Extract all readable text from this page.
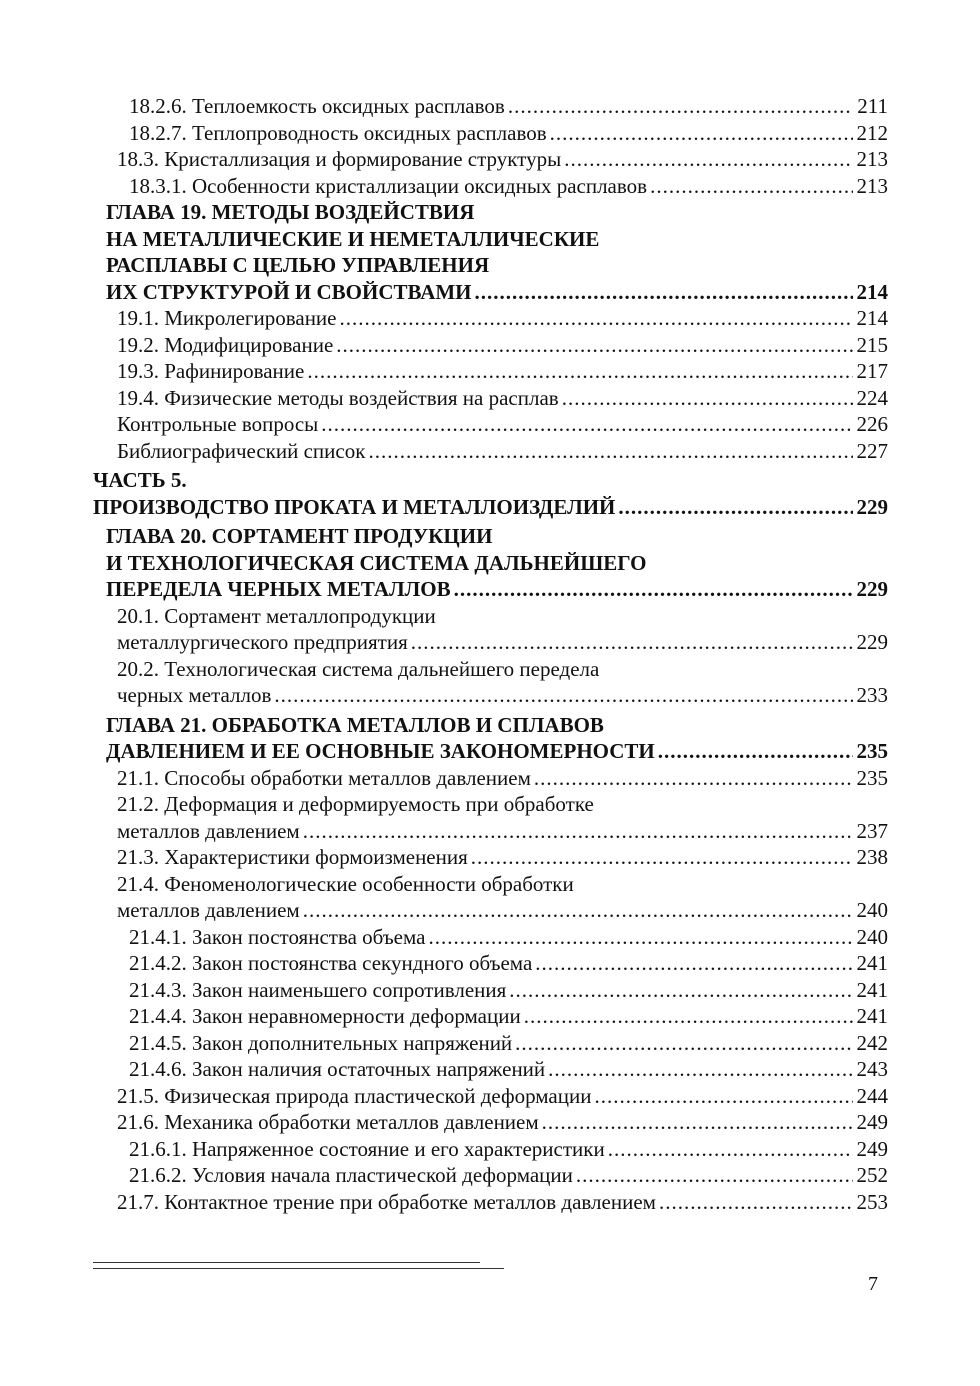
18.2.6. Теплоемкость оксидных расплавов .....	211
18.2.7. Теплопроводность оксидных расплавов .....	212
18.3. Кристаллизация и формирование структуры .....	213
18.3.1. Особенности кристаллизации оксидных расплавов .....	213
ГЛАВА 19. МЕТОДЫ ВОЗДЕЙСТВИЯ
НА МЕТАЛЛИЧЕСКИЕ И НЕМЕТАЛЛИЧЕСКИЕ
РАСПЛАВЫ С ЦЕЛЬЮ УПРАВЛЕНИЯ
ИХ СТРУКТУРОЙ И СВОЙСТВАМИ .....	214
19.1. Микролегирование .....	214
19.2. Модифицирование .....	215
19.3. Рафинирование .....	217
19.4. Физические методы воздействия на расплав .....	224
Контрольные вопросы .....	226
Библиографический список .....	227
ЧАСТЬ 5.
ПРОИЗВОДСТВО ПРОКАТА И МЕТАЛЛОИЗДЕЛИЙ .....	229
ГЛАВА 20. СОРТАМЕНТ ПРОДУКЦИИ
И ТЕХНОЛОГИЧЕСКАЯ СИСТЕМА ДАЛЬНЕЙШЕГО
ПЕРЕДЕЛА ЧЕРНЫХ МЕТАЛЛОВ .....	229
20.1. Сортамент металлопродукции
металлургического предприятия .....	229
20.2. Технологическая система дальнейшего передела
черных металлов .....	233
ГЛАВА 21. ОБРАБОТКА МЕТАЛЛОВ И СПЛАВОВ
ДАВЛЕНИЕМ И ЕЕ ОСНОВНЫЕ ЗАКОНОМЕРНОСТИ .....	235
21.1. Способы обработки металлов давлением .....	235
21.2. Деформация и деформируемость при обработке
металлов давлением .....	237
21.3. Характеристики формоизменения .....	238
21.4. Феноменологические особенности обработки
металлов давлением .....	240
21.4.1. Закон постоянства объема .....	240
21.4.2. Закон постоянства секундного объема .....	241
21.4.3. Закон наименьшего сопротивления .....	241
21.4.4. Закон неравномерности деформации .....	241
21.4.5. Закон дополнительных напряжений .....	242
21.4.6. Закон наличия остаточных напряжений .....	243
21.5. Физическая природа пластической деформации .....	244
21.6. Механика обработки металлов давлением .....	249
21.6.1. Напряженное состояние и его характеристики .....	249
21.6.2. Условия начала пластической деформации .....	252
21.7. Контактное трение при обработке металлов давлением .....	253
7
